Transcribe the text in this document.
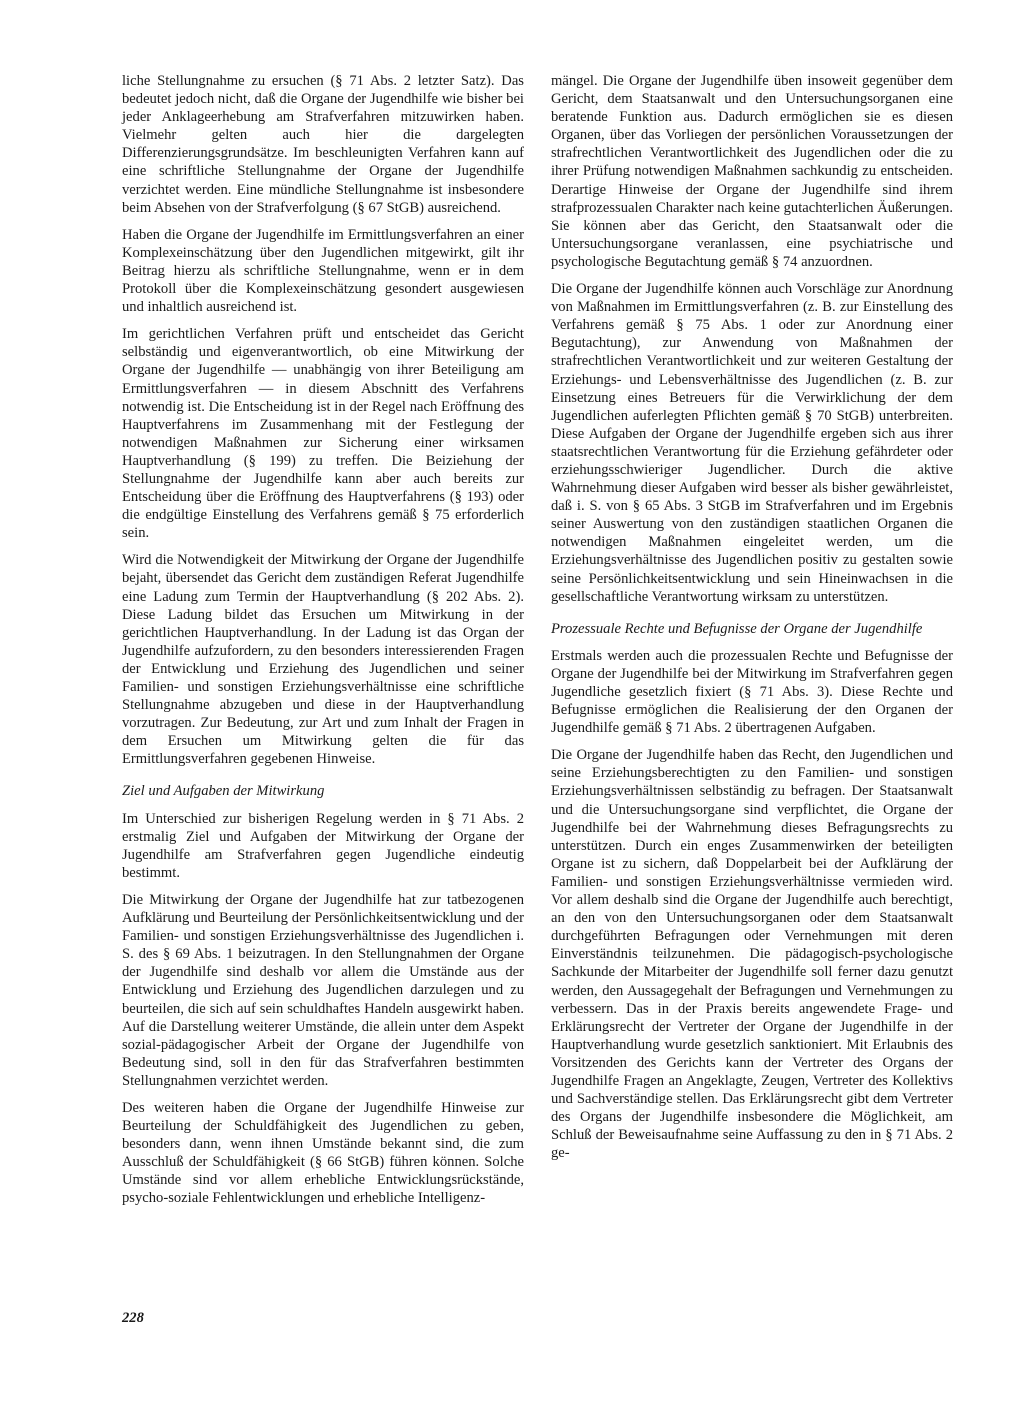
liche Stellungnahme zu ersuchen (§ 71 Abs. 2 letzter Satz). Das bedeutet jedoch nicht, daß die Organe der Jugendhilfe wie bisher bei jeder Anklageerhebung am Strafverfahren mitzuwirken haben. Vielmehr gelten auch hier die dargelegten Differenzierungsgrundsätze. Im beschleunigten Verfahren kann auf eine schriftliche Stellungnahme der Organe der Jugendhilfe verzichtet werden. Eine mündliche Stellungnahme ist insbesondere beim Absehen von der Strafverfolgung (§ 67 StGB) ausreichend.

Haben die Organe der Jugendhilfe im Ermittlungsverfahren an einer Komplexeinschätzung über den Jugendlichen mitgewirkt, gilt ihr Beitrag hierzu als schriftliche Stellungnahme, wenn er in dem Protokoll über die Komplexeinschätzung gesondert ausgewiesen und inhaltlich ausreichend ist.

Im gerichtlichen Verfahren prüft und entscheidet das Gericht selbständig und eigenverantwortlich, ob eine Mitwirkung der Organe der Jugendhilfe — unabhängig von ihrer Beteiligung am Ermittlungsverfahren — in diesem Abschnitt des Verfahrens notwendig ist. Die Entscheidung ist in der Regel nach Eröffnung des Hauptverfahrens im Zusammenhang mit der Festlegung der notwendigen Maßnahmen zur Sicherung einer wirksamen Hauptverhandlung (§ 199) zu treffen. Die Beiziehung der Stellungnahme der Jugendhilfe kann aber auch bereits zur Entscheidung über die Eröffnung des Hauptverfahrens (§ 193) oder die endgültige Einstellung des Verfahrens gemäß § 75 erforderlich sein.

Wird die Notwendigkeit der Mitwirkung der Organe der Jugendhilfe bejaht, übersendet das Gericht dem zuständigen Referat Jugendhilfe eine Ladung zum Termin der Hauptverhandlung (§ 202 Abs. 2). Diese Ladung bildet das Ersuchen um Mitwirkung in der gerichtlichen Hauptverhandlung. In der Ladung ist das Organ der Jugendhilfe aufzufordern, zu den besonders interessierenden Fragen der Entwicklung und Erziehung des Jugendlichen und seiner Familien- und sonstigen Erziehungsverhältnisse eine schriftliche Stellungnahme abzugeben und diese in der Hauptverhandlung vorzutragen. Zur Bedeutung, zur Art und zum Inhalt der Fragen in dem Ersuchen um Mitwirkung gelten die für das Ermittlungsverfahren gegebenen Hinweise.

Ziel und Aufgaben der Mitwirkung

Im Unterschied zur bisherigen Regelung werden in § 71 Abs. 2 erstmalig Ziel und Aufgaben der Mitwirkung der Organe der Jugendhilfe am Strafverfahren gegen Jugendliche eindeutig bestimmt.

Die Mitwirkung der Organe der Jugendhilfe hat zur tatbezogenen Aufklärung und Beurteilung der Persönlichkeitsentwicklung und der Familien- und sonstigen Erziehungsverhältnisse des Jugendlichen i. S. des § 69 Abs. 1 beizutragen. In den Stellungnahmen der Organe der Jugendhilfe sind deshalb vor allem die Umstände aus der Entwicklung und Erziehung des Jugendlichen darzulegen und zu beurteilen, die sich auf sein schuldhaftes Handeln ausgewirkt haben. Auf die Darstellung weiterer Umstände, die allein unter dem Aspekt sozial-pädagogischer Arbeit der Organe der Jugendhilfe von Bedeutung sind, soll in den für das Strafverfahren bestimmten Stellungnahmen verzichtet werden.

Des weiteren haben die Organe der Jugendhilfe Hinweise zur Beurteilung der Schuldfähigkeit des Jugendlichen zu geben, besonders dann, wenn ihnen Umstände bekannt sind, die zum Ausschluß der Schuldfähigkeit (§ 66 StGB) führen können. Solche Umstände sind vor allem erhebliche Entwicklungsrückstände, psycho-soziale Fehlentwicklungen und erhebliche Intelligenz-

mängel. Die Organe der Jugendhilfe üben insoweit gegenüber dem Gericht, dem Staatsanwalt und den Untersuchungsorganen eine beratende Funktion aus. Dadurch ermöglichen sie es diesen Organen, über das Vorliegen der persönlichen Voraussetzungen der strafrechtlichen Verantwortlichkeit des Jugendlichen oder die zu ihrer Prüfung notwendigen Maßnahmen sachkundig zu entscheiden. Derartige Hinweise der Organe der Jugendhilfe sind ihrem strafprozessualen Charakter nach keine gutachterlichen Äußerungen. Sie können aber das Gericht, den Staatsanwalt oder die Untersuchungsorgane veranlassen, eine psychiatrische und psychologische Begutachtung gemäß § 74 anzuordnen.

Die Organe der Jugendhilfe können auch Vorschläge zur Anordnung von Maßnahmen im Ermittlungsverfahren (z. B. zur Einstellung des Verfahrens gemäß § 75 Abs. 1 oder zur Anordnung einer Begutachtung), zur Anwendung von Maßnahmen der strafrechtlichen Verantwortlichkeit und zur weiteren Gestaltung der Erziehungs- und Lebensverhältnisse des Jugendlichen (z. B. zur Einsetzung eines Betreuers für die Verwirklichung der dem Jugendlichen auferlegten Pflichten gemäß § 70 StGB) unterbreiten. Diese Aufgaben der Organe der Jugendhilfe ergeben sich aus ihrer staatsrechtlichen Verantwortung für die Erziehung gefährdeter oder erziehungsschwieriger Jugendlicher. Durch die aktive Wahrnehmung dieser Aufgaben wird besser als bisher gewährleistet, daß i. S. von § 65 Abs. 3 StGB im Strafverfahren und im Ergebnis seiner Auswertung von den zuständigen staatlichen Organen die notwendigen Maßnahmen eingeleitet werden, um die Erziehungsverhältnisse des Jugendlichen positiv zu gestalten sowie seine Persönlichkeitsentwicklung und sein Hineinwachsen in die gesellschaftliche Verantwortung wirksam zu unterstützen.

Prozessuale Rechte und Befugnisse der Organe der Jugendhilfe

Erstmals werden auch die prozessualen Rechte und Befugnisse der Organe der Jugendhilfe bei der Mitwirkung im Strafverfahren gegen Jugendliche gesetzlich fixiert (§ 71 Abs. 3). Diese Rechte und Befugnisse ermöglichen die Realisierung der den Organen der Jugendhilfe gemäß § 71 Abs. 2 übertragenen Aufgaben.

Die Organe der Jugendhilfe haben das Recht, den Jugendlichen und seine Erziehungsberechtigten zu den Familien- und sonstigen Erziehungsverhältnissen selbständig zu befragen. Der Staatsanwalt und die Untersuchungsorgane sind verpflichtet, die Organe der Jugendhilfe bei der Wahrnehmung dieses Befragungsrechts zu unterstützen. Durch ein enges Zusammenwirken der beteiligten Organe ist zu sichern, daß Doppelarbeit bei der Aufklärung der Familien- und sonstigen Erziehungsverhältnisse vermieden wird. Vor allem deshalb sind die Organe der Jugendhilfe auch berechtigt, an den von den Untersuchungsorganen oder dem Staatsanwalt durchgeführten Befragungen oder Vernehmungen mit deren Einverständnis teilzunehmen. Die pädagogisch-psychologische Sachkunde der Mitarbeiter der Jugendhilfe soll ferner dazu genutzt werden, den Aussagegehalt der Befragungen und Vernehmungen zu verbessern. Das in der Praxis bereits angewendete Frage- und Erklärungsrecht der Vertreter der Organe der Jugendhilfe in der Hauptverhandlung wurde gesetzlich sanktioniert. Mit Erlaubnis des Vorsitzenden des Gerichts kann der Vertreter des Organs der Jugendhilfe Fragen an Angeklagte, Zeugen, Vertreter des Kollektivs und Sachverständige stellen. Das Erklärungsrecht gibt dem Vertreter des Organs der Jugendhilfe insbesondere die Möglichkeit, am Schluß der Beweisaufnahme seine Auffassung zu den in § 71 Abs. 2 ge-

228
